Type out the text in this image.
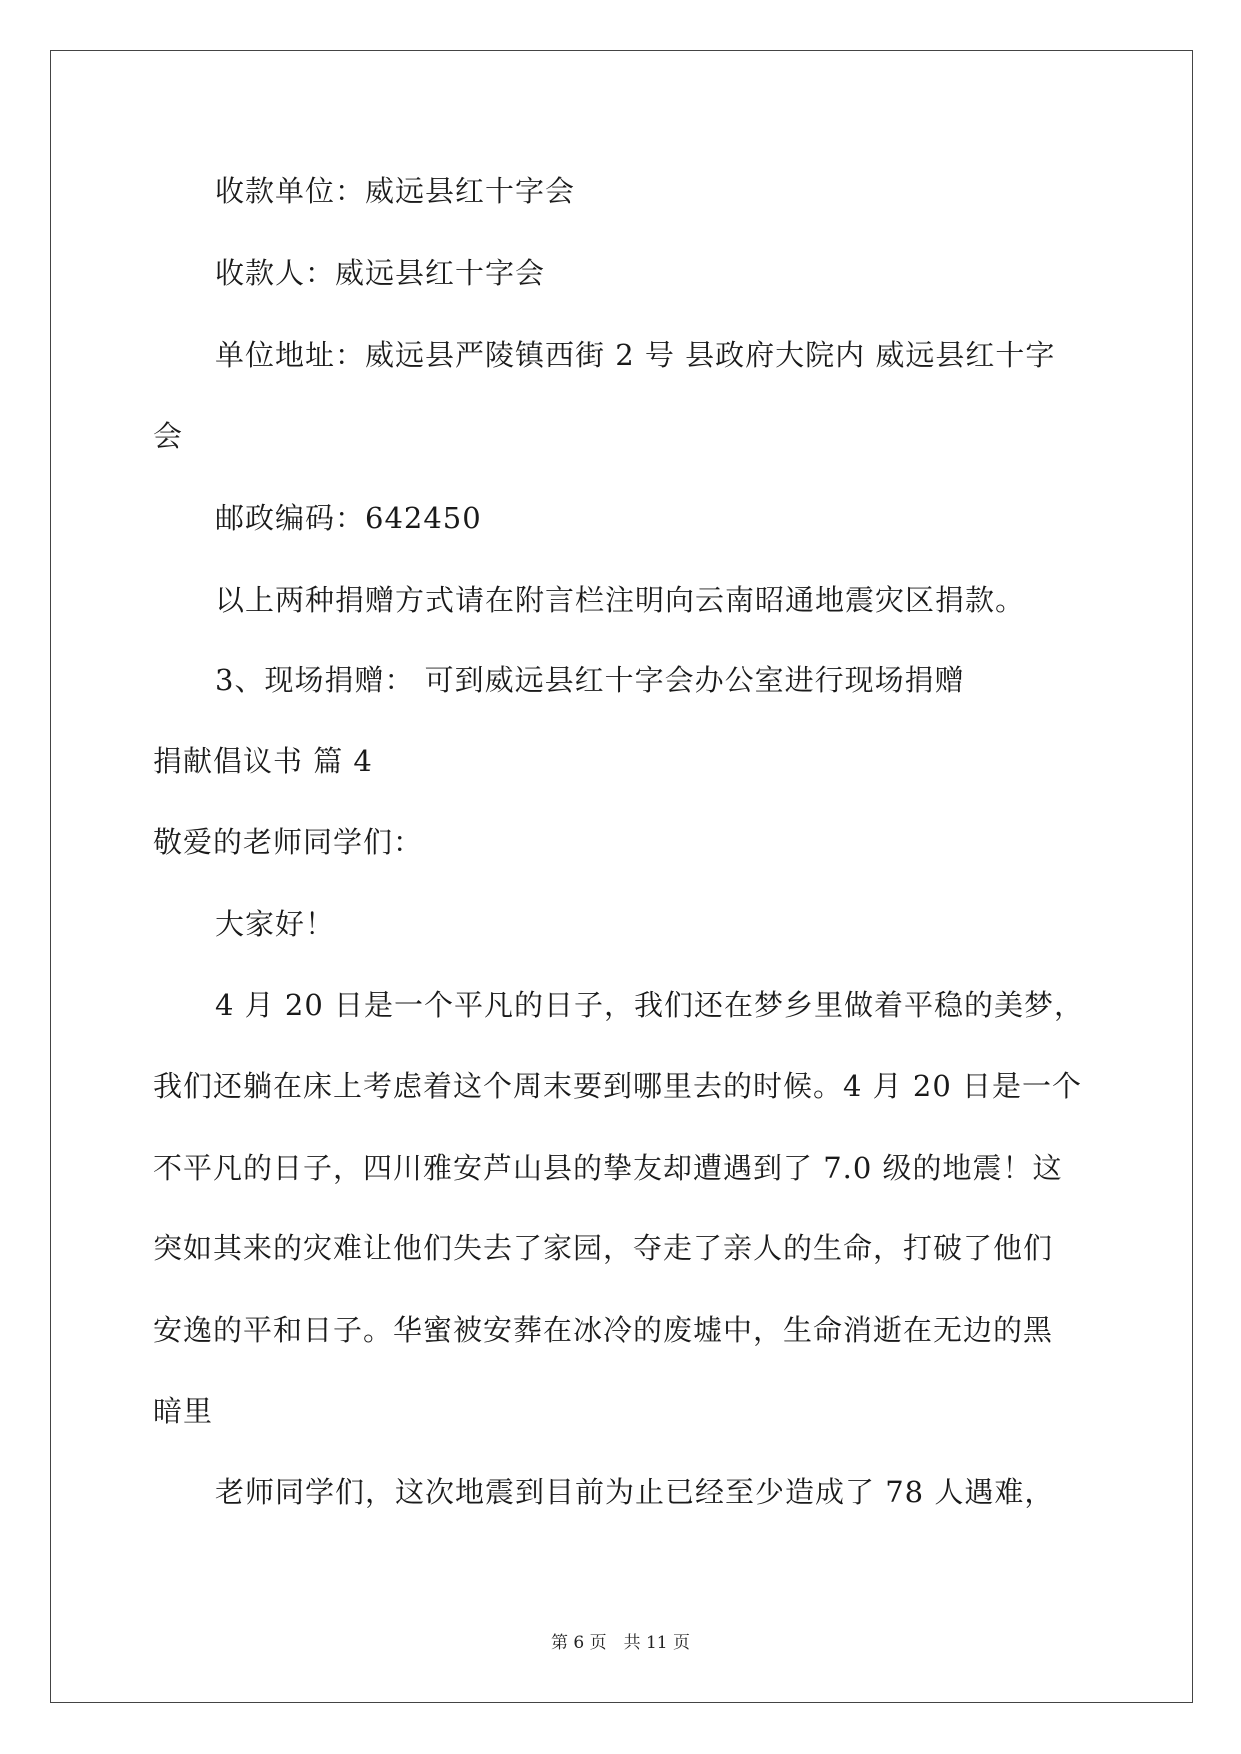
收款单位：威远县红十字会
收款人：威远县红十字会
单位地址：威远县严陵镇西街 2 号 县政府大院内 威远县红十字
会
邮政编码：642450
以上两种捐赠方式请在附言栏注明向云南昭通地震灾区捐款。
3、现场捐赠： 可到威远县红十字会办公室进行现场捐赠
捐献倡议书 篇 4
敬爱的老师同学们：
大家好！
4 月 20 日是一个平凡的日子，我们还在梦乡里做着平稳的美梦，
我们还躺在床上考虑着这个周末要到哪里去的时候。4 月 20 日是一个
不平凡的日子，四川雅安芦山县的挚友却遭遇到了 7.0 级的地震！这
突如其来的灾难让他们失去了家园，夺走了亲人的生命，打破了他们
安逸的平和日子。华蜜被安葬在冰冷的废墟中，生命消逝在无边的黑
暗里
老师同学们，这次地震到目前为止已经至少造成了 78 人遇难，
第 6 页　共 11 页
